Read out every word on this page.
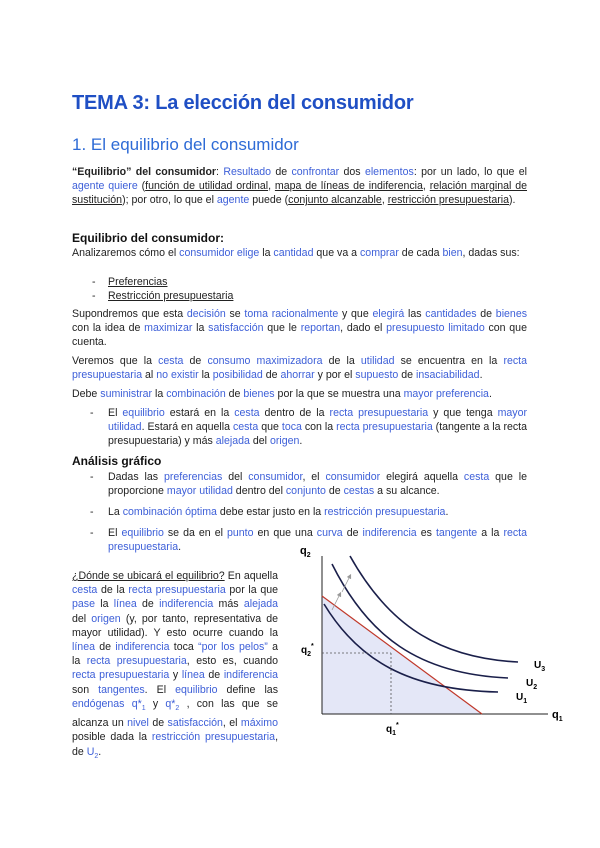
TEMA 3: La elección del consumidor
1. El equilibrio del consumidor
“Equilibrio” del consumidor: Resultado de confrontar dos elementos: por un lado, lo que el agente quiere (función de utilidad ordinal, mapa de líneas de indiferencia, relación marginal de sustitución); por otro, lo que el agente puede (conjunto alcanzable, restricción presupuestaria).
Equilibrio del consumidor:
Analizaremos cómo el consumidor elige la cantidad que va a comprar de cada bien, dadas sus:
- Preferencias
- Restricción presupuestaria
Supondremos que esta decisión se toma racionalmente y que elegirá las cantidades de bienes con la idea de maximizar la satisfacción que le reportan, dado el presupuesto limitado con que cuenta.
Veremos que la cesta de consumo maximizadora de la utilidad se encuentra en la recta presupuestaria al no existir la posibilidad de ahorrar y por el supuesto de insaciabilidad.
Debe suministrar la combinación de bienes por la que se muestra una mayor preferencia.
-	El equilibrio estará en la cesta dentro de la recta presupuestaria y que tenga mayor utilidad. Estará en aquella cesta que toca con la recta presupuestaria (tangente a la recta presupuestaria) y más alejada del origen.
Análisis gráfico
-	Dadas las preferencias del consumidor, el consumidor elegirá aquella cesta que le proporcione mayor utilidad dentro del conjunto de cestas a su alcance.
-	La combinación óptima debe estar justo en la restricción presupuestaria.
-	El equilibrio se da en el punto en que una curva de indiferencia es tangente a la recta presupuestaria.
¿Dónde se ubicará el equilibrio? En aquella cesta de la recta presupuestaria por la que pase la línea de indiferencia más alejada del origen (y, por tanto, representativa de mayor utilidad). Y esto ocurre cuando la línea de indiferencia toca “por los pelos” a la recta presupuestaria, esto es, cuando recta presupuestaria y línea de indiferencia son tangentes. El equilibrio define las endógenas $q*_1$ y $q*_2$ , con las que se alcanza un nivel de satisfacción, el máximo posible dada la restricción presupuestaria, de $U_2$.
$q_2$
$q_1$
$q_2^*$
$q_1^*$
$U_3$
$U_2$
$U_1$
